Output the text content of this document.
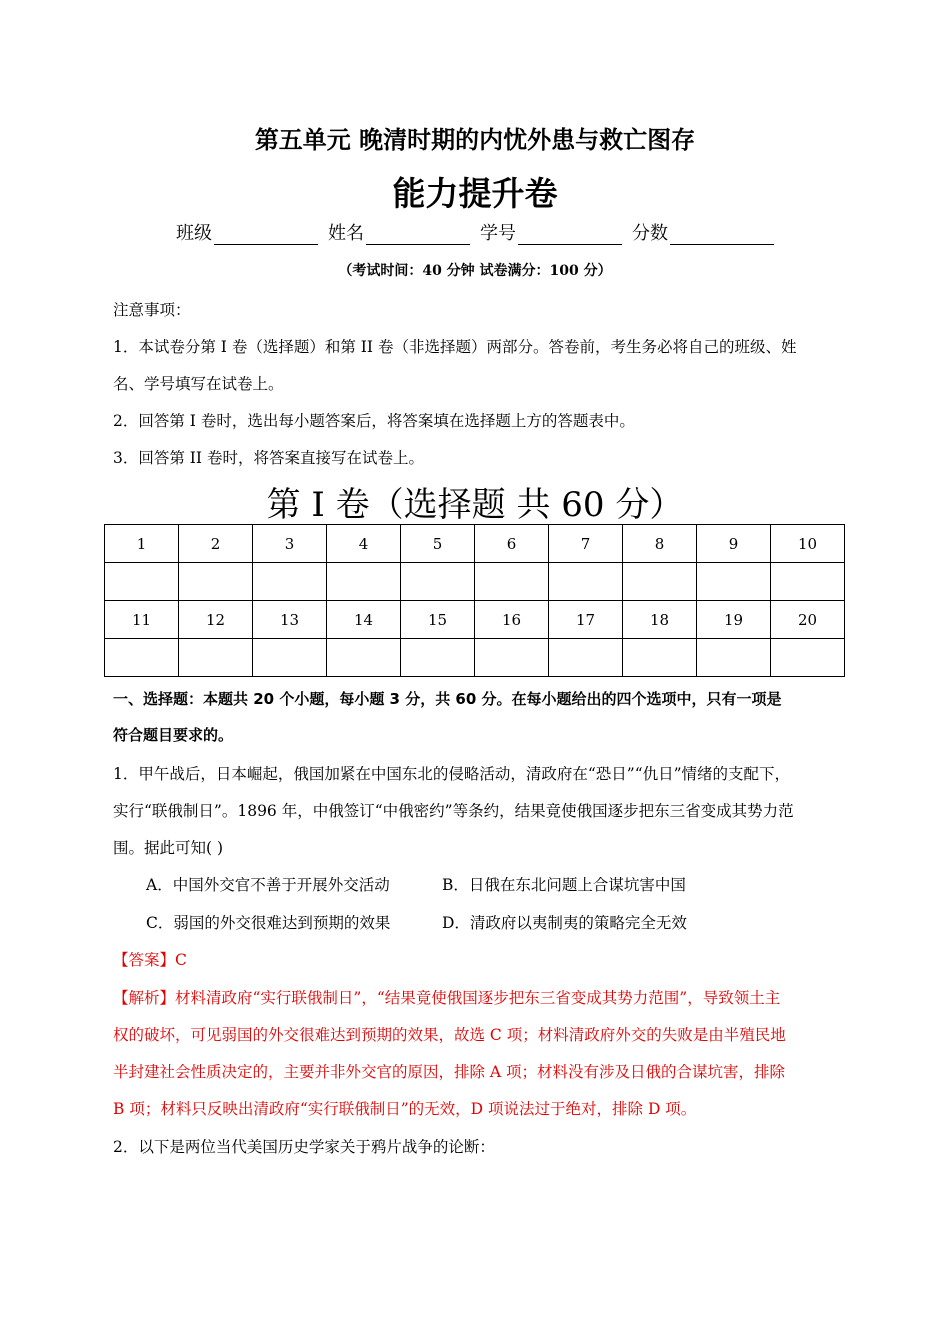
第五单元 晚清时期的内忧外患与救亡图存
能力提升卷
班级	姓名	学号	分数
（考试时间：40 分钟 试卷满分：100 分）
注意事项：
1．本试卷分第 I 卷（选择题）和第 II 卷（非选择题）两部分。答卷前，考生务必将自己的班级、姓
名、学号填写在试卷上。
2．回答第 I 卷时，选出每小题答案后，将答案填在选择题上方的答题表中。
3．回答第 II 卷时，将答案直接写在试卷上。
第 I 卷（选择题 共 60 分）
1	2	3	4	5	6	7	8	9	10

11	12	13	14	15	16	17	18	19	20

一、选择题：本题共 20 个小题，每小题 3 分，共 60 分。在每小题给出的四个选项中，只有一项是
符合题目要求的。
1．甲午战后，日本崛起，俄国加紧在中国东北的侵略活动，清政府在“恐日”“仇日”情绪的支配下，
实行“联俄制日”。1896 年，中俄签订“中俄密约”等条约，结果竟使俄国逐步把东三省变成其势力范
围。据此可知( )
A．中国外交官不善于开展外交活动	B．日俄在东北问题上合谋坑害中国
C．弱国的外交很难达到预期的效果	D．清政府以夷制夷的策略完全无效
【答案】C
【解析】材料清政府“实行联俄制日”，“结果竟使俄国逐步把东三省变成其势力范围”，导致领土主
权的破坏，可见弱国的外交很难达到预期的效果，故选 C 项；材料清政府外交的失败是由半殖民地
半封建社会性质决定的，主要并非外交官的原因，排除 A 项；材料没有涉及日俄的合谋坑害，排除
B 项；材料只反映出清政府“实行联俄制日”的无效，D 项说法过于绝对，排除 D 项。
2．以下是两位当代美国历史学家关于鸦片战争的论断：
